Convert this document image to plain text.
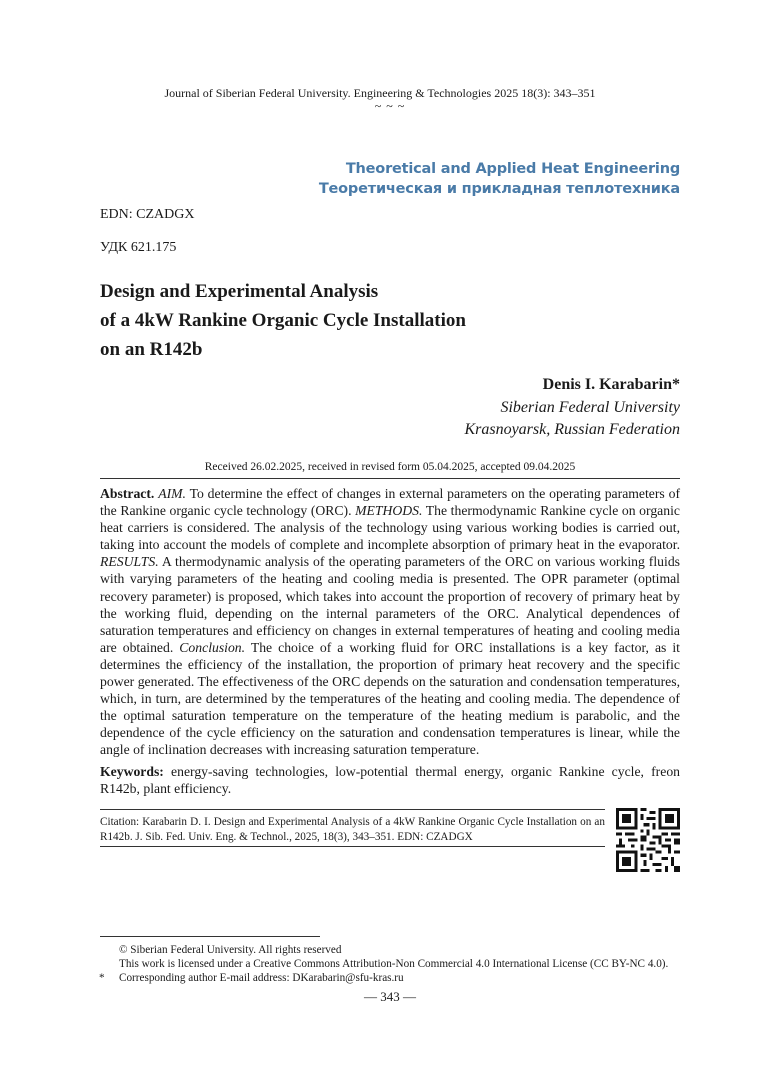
Journal of Siberian Federal University. Engineering & Technologies 2025 18(3): 343–351
~ ~ ~
Theoretical and Applied Heat Engineering
Теоретическая и прикладная теплотехника
EDN: CZADGX
УДК 621.175
Design and Experimental Analysis
of a 4kW Rankine Organic Cycle Installation
on an R142b
Denis I. Karabarin*
Siberian Federal University
Krasnoyarsk, Russian Federation
Received 26.02.2025, received in revised form 05.04.2025, accepted 09.04.2025
Abstract. AIM. To determine the effect of changes in external parameters on the operating parameters of the Rankine organic cycle technology (ORC). METHODS. The thermodynamic Rankine cycle on organic heat carriers is considered. The analysis of the technology using various working bodies is carried out, taking into account the models of complete and incomplete absorption of primary heat in the evaporator. RESULTS. A thermodynamic analysis of the operating parameters of the ORC on various working fluids with varying parameters of the heating and cooling media is presented. The OPR parameter (optimal recovery parameter) is proposed, which takes into account the proportion of recovery of primary heat by the working fluid, depending on the internal parameters of the ORC. Analytical dependences of saturation temperatures and efficiency on changes in external temperatures of heating and cooling media are obtained. Conclusion. The choice of a working fluid for ORC installations is a key factor, as it determines the efficiency of the installation, the proportion of primary heat recovery and the specific power generated. The effectiveness of the ORC depends on the saturation and condensation temperatures, which, in turn, are determined by the temperatures of the heating and cooling media. The dependence of the optimal saturation temperature on the temperature of the heating medium is parabolic, and the dependence of the cycle efficiency on the saturation and condensation temperatures is linear, while the angle of inclination decreases with increasing saturation temperature.
Keywords: energy-saving technologies, low-potential thermal energy, organic Rankine cycle, freon R142b, plant efficiency.
Citation: Karabarin D. I. Design and Experimental Analysis of a 4kW Rankine Organic Cycle Installation on an R142b. J. Sib. Fed. Univ. Eng. & Technol., 2025, 18(3), 343–351. EDN: CZADGX
© Siberian Federal University. All rights reserved
This work is licensed under a Creative Commons Attribution-Non Commercial 4.0 International License (CC BY-NC 4.0).
* Corresponding author E-mail address: DKarabarin@sfu-kras.ru
— 343 —
